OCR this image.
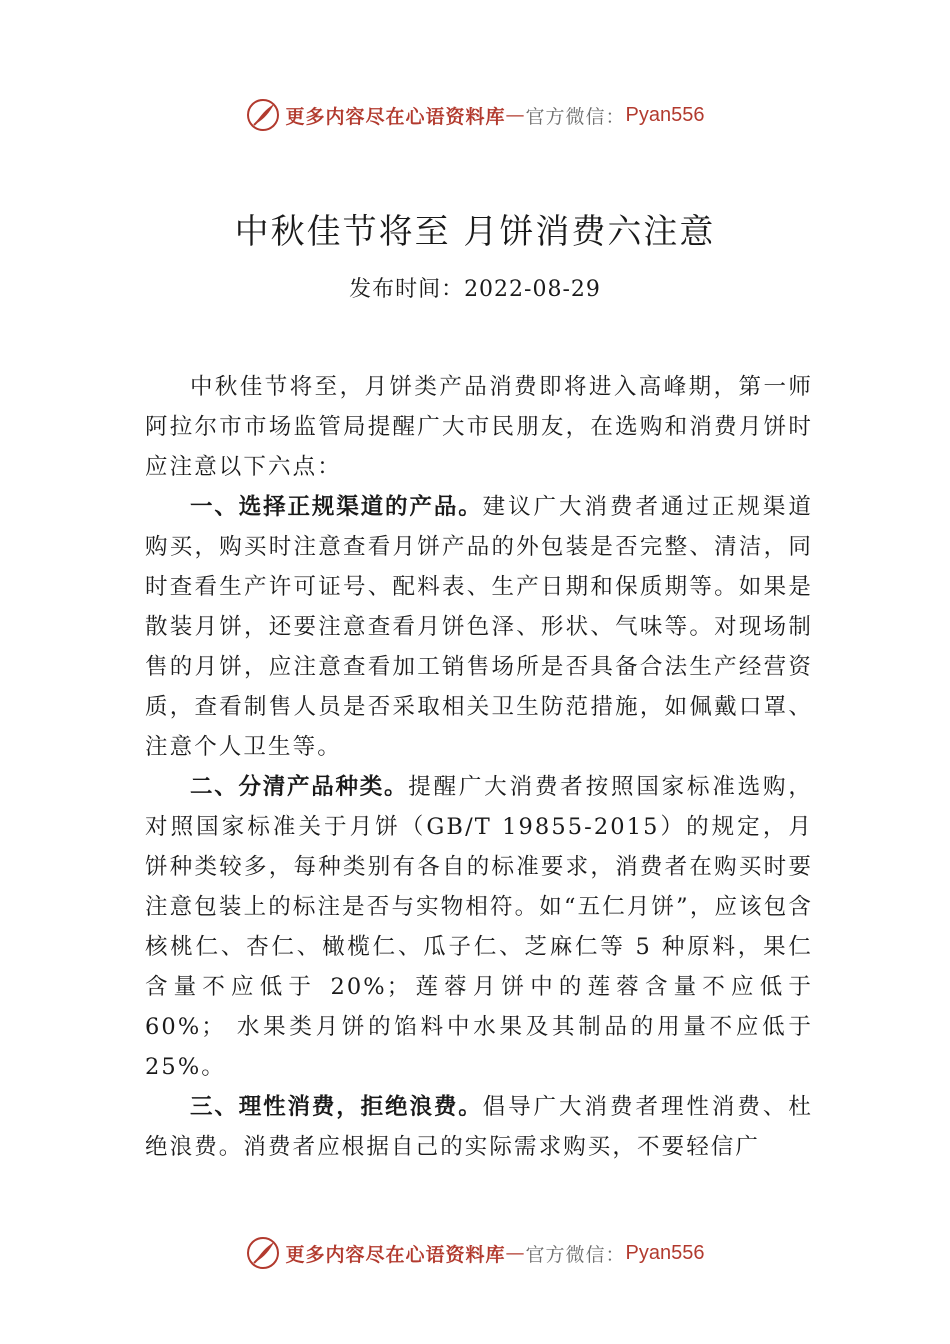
更多内容尽在心语资料库 — 官方微信： Pyan556
中秋佳节将至 月饼消费六注意
发布时间：2022-08-29

中秋佳节将至，月饼类产品消费即将进入高峰期，第一师阿拉尔市市场监管局提醒广大市民朋友，在选购和消费月饼时应注意以下六点：

一、选择正规渠道的产品。建议广大消费者通过正规渠道购买，购买时注意查看月饼产品的外包装是否完整、清洁，同时查看生产许可证号、配料表、生产日期和保质期等。如果是散装月饼，还要注意查看月饼色泽、形状、气味等。对现场制售的月饼，应注意查看加工销售场所是否具备合法生产经营资质，查看制售人员是否采取相关卫生防范措施，如佩戴口罩、注意个人卫生等。

二、分清产品种类。提醒广大消费者按照国家标准选购，对照国家标准关于月饼（GB/T 19855-2015）的规定，月饼种类较多，每种类别有各自的标准要求，消费者在购买时要注意包装上的标注是否与实物相符。如“五仁月饼”，应该包含核桃仁、杏仁、橄榄仁、瓜子仁、芝麻仁等 5 种原料，果仁含量不应低于 20%；莲蓉月饼中的莲蓉含量不应低于 60%； 水果类月饼的馅料中水果及其制品的用量不应低于 25%。

三、理性消费，拒绝浪费。倡导广大消费者理性消费、杜绝浪费。消费者应根据自己的实际需求购买，不要轻信广

更多内容尽在心语资料库 — 官方微信： Pyan556
